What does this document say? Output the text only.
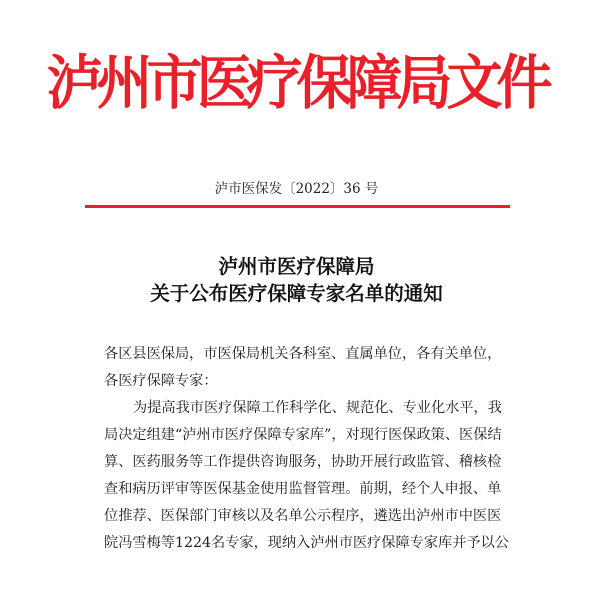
泸州市医疗保障局文件
泸市医保发〔2022〕36 号
泸州市医疗保障局
关于公布医疗保障专家名单的通知
各区县医保局，市医保局机关各科室、直属单位，各有关单位，
各医疗保障专家：
为提高我市医疗保障工作科学化、规范化、专业化水平，我
局决定组建“泸州市医疗保障专家库”，对现行医保政策、医保结
算、医药服务等工作提供咨询服务，协助开展行政监管、稽核检
查和病历评审等医保基金使用监督管理。前期，经个人申报、单
位推荐、医保部门审核以及名单公示程序，遴选出泸州市中医医
院冯雪梅等1224名专家，现纳入泸州市医疗保障专家库并予以公
